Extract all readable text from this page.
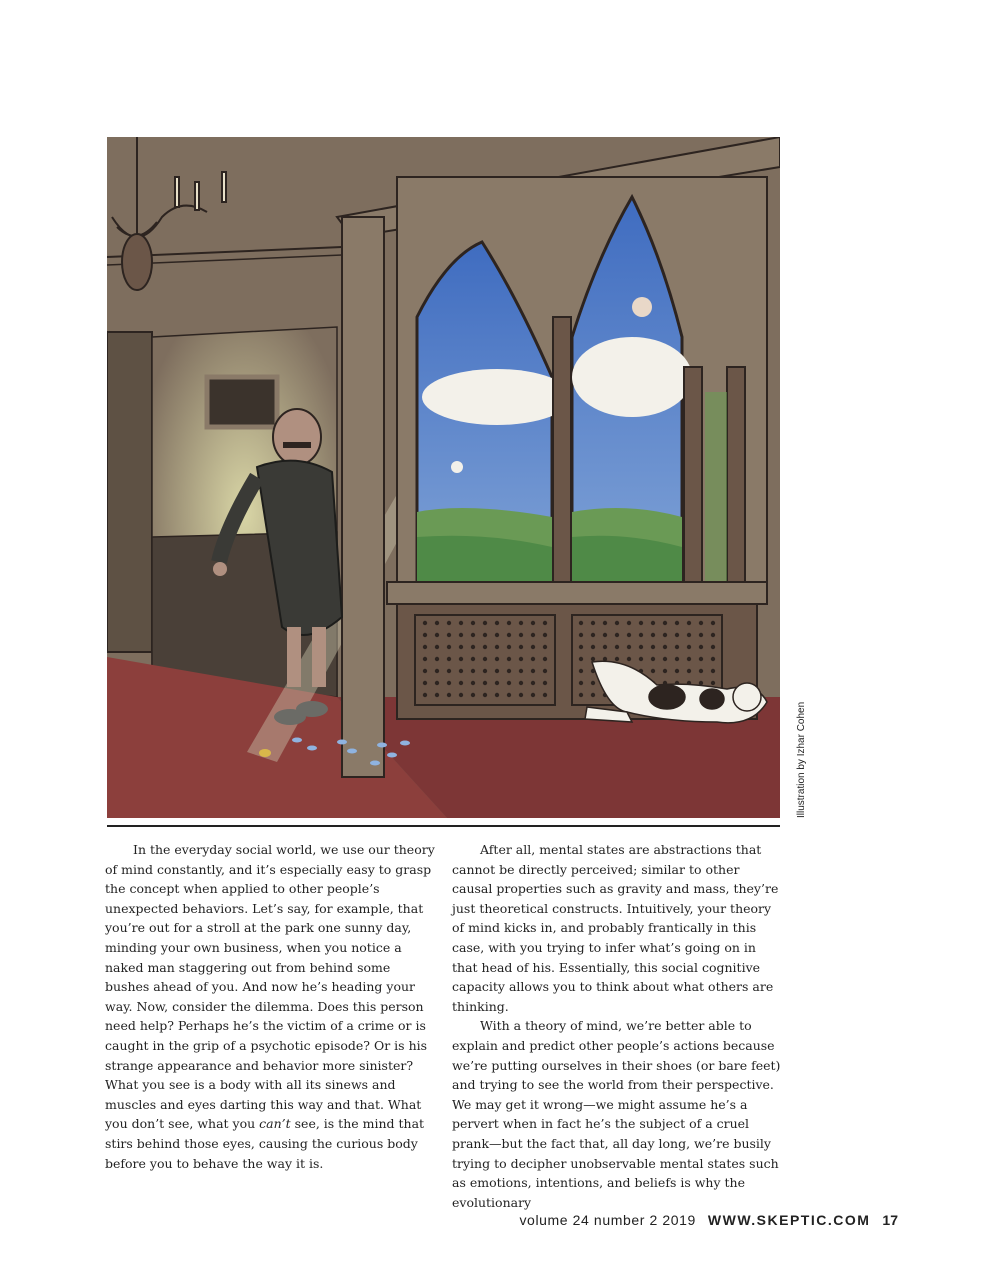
Illustration by Izhar Cohen

In the everyday social world, we use our theory of mind constantly, and it’s especially easy to grasp the concept when applied to other people’s unexpected behaviors. Let’s say, for example, that you’re out for a stroll at the park one sunny day, minding your own business, when you notice a naked man staggering out from behind some bushes ahead of you. And now he’s heading your way. Now, consider the dilemma. Does this person need help? Perhaps he’s the victim of a crime or is caught in the grip of a psychotic episode? Or is his strange appearance and behavior more sinister? What you see is a body with all its sinews and muscles and eyes darting this way and that. What you don’t see, what you can’t see, is the mind that stirs behind those eyes, causing the curious body before you to behave the way it is.

After all, mental states are abstractions that cannot be directly perceived; similar to other causal properties such as gravity and mass, they’re just theoretical constructs. Intuitively, your theory of mind kicks in, and probably frantically in this case, with you trying to infer what’s going on in that head of his. Essentially, this social cognitive capacity allows you to think about what others are thinking.

With a theory of mind, we’re better able to explain and predict other people’s actions because we’re putting ourselves in their shoes (or bare feet) and trying to see the world from their perspective. We may get it wrong—we might assume he’s a pervert when in fact he’s the subject of a cruel prank—but the fact that, all day long, we’re busily trying to decipher unobservable mental states such as emotions, intentions, and beliefs is why the evolutionary

volume 24 number 2 2019 WWW.SKEPTIC.COM 17
